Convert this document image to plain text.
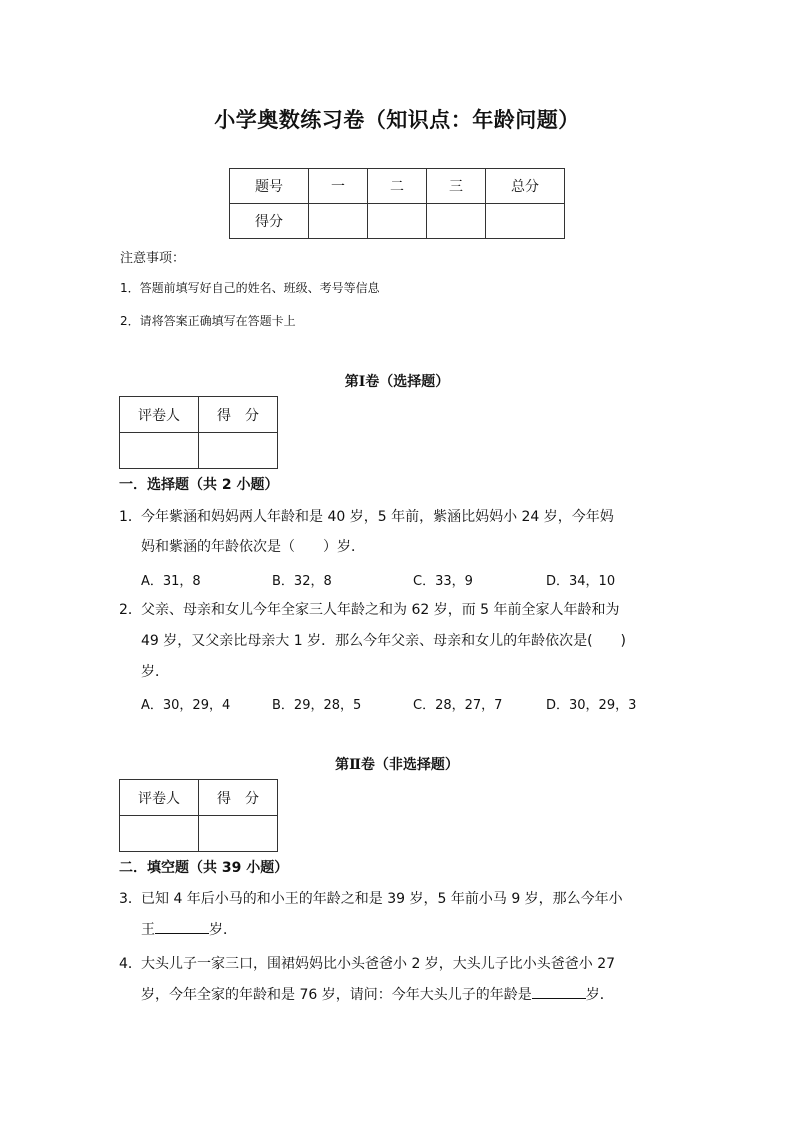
小学奥数练习卷（知识点：年龄问题）
题号	一	二	三	总分
得分				
注意事项：
1．答题前填写好自己的姓名、班级、考号等信息
2．请将答案正确填写在答题卡上
第Ⅰ卷（选择题）
评卷人	得　分

一．选择题（共 2 小题）
1． 今年紫涵和妈妈两人年龄和是 40 岁，5 年前，紫涵比妈妈小 24 岁，今年妈
妈和紫涵的年龄依次是（　　）岁．
A．31，8	B．32，8	C．33，9	D．34，10
2． 父亲、母亲和女儿今年全家三人年龄之和为 62 岁，而 5 年前全家人年龄和为
49 岁，又父亲比母亲大 1 岁．那么今年父亲、母亲和女儿的年龄依次是(　　)
岁．
A．30，29，4	B．29，28，5	C．28，27，7	D．30，29，3
第Ⅱ卷（非选择题）
评卷人	得　分

二．填空题（共 39 小题）
3． 已知 4 年后小马的和小王的年龄之和是 39 岁，5 年前小马 9 岁，那么今年小
王	岁．
4． 大头儿子一家三口，围裙妈妈比小头爸爸小 2 岁，大头儿子比小头爸爸小 27
岁，今年全家的年龄和是 76 岁，请问：今年大头儿子的年龄是	岁．
